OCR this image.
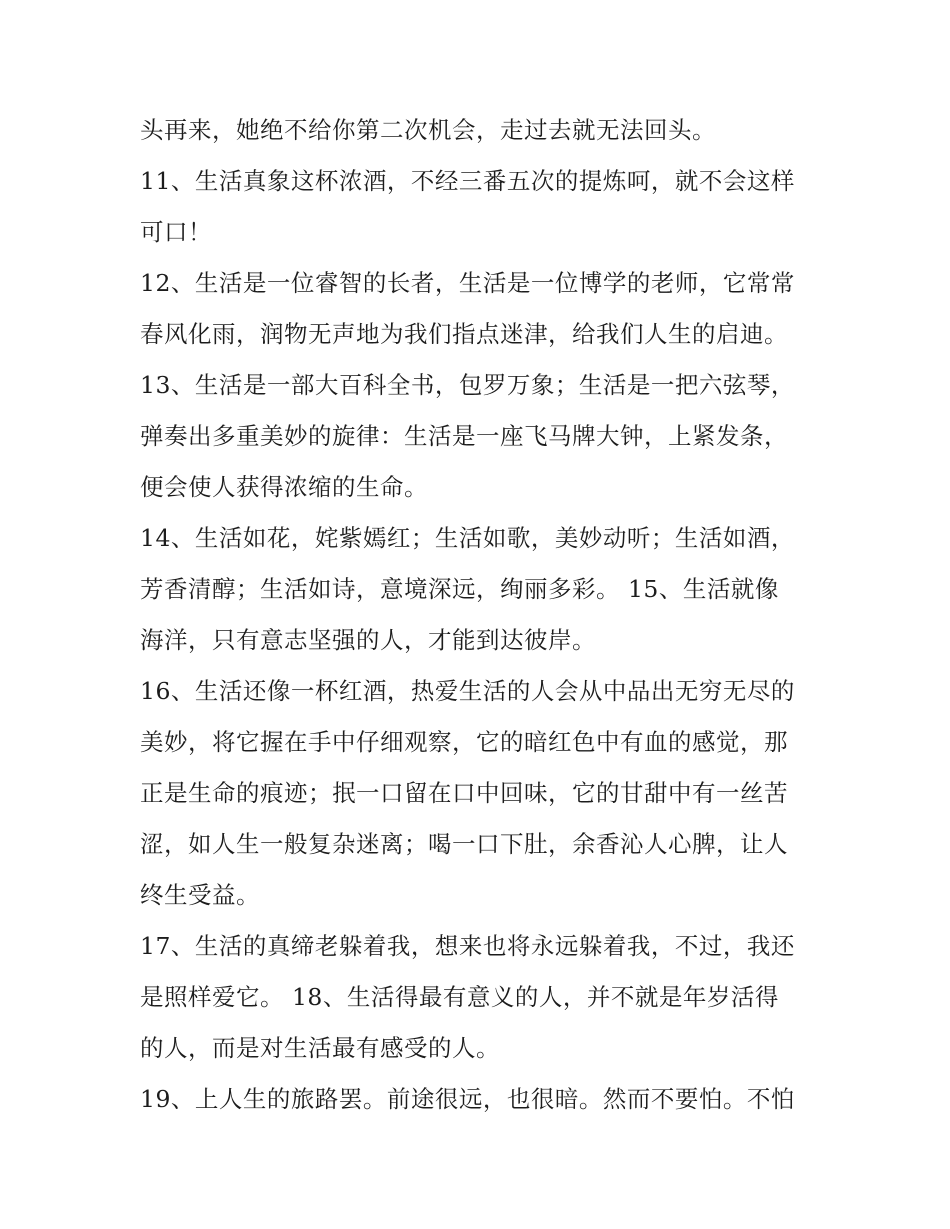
头再来，她绝不给你第二次机会，走过去就无法回头。
11、生活真象这杯浓酒，不经三番五次的提炼呵，就不会这样
可口！
12、生活是一位睿智的长者，生活是一位博学的老师，它常常
春风化雨，润物无声地为我们指点迷津，给我们人生的启迪。
13、生活是一部大百科全书，包罗万象；生活是一把六弦琴，
弹奏出多重美妙的旋律：生活是一座飞马牌大钟，上紧发条，
便会使人获得浓缩的生命。
14、生活如花，姹紫嫣红；生活如歌，美妙动听；生活如酒，
芳香清醇；生活如诗，意境深远，绚丽多彩。 15、生活就像
海洋，只有意志坚强的人，才能到达彼岸。
16、生活还像一杯红酒，热爱生活的人会从中品出无穷无尽的
美妙，将它握在手中仔细观察，它的暗红色中有血的感觉，那
正是生命的痕迹；抿一口留在口中回味，它的甘甜中有一丝苦
涩，如人生一般复杂迷离；喝一口下肚，余香沁人心脾，让人
终生受益。
17、生活的真缔老躲着我，想来也将永远躲着我，不过，我还
是照样爱它。 18、生活得最有意义的人，并不就是年岁活得
的人，而是对生活最有感受的人。
19、上人生的旅路罢。前途很远，也很暗。然而不要怕。不怕
